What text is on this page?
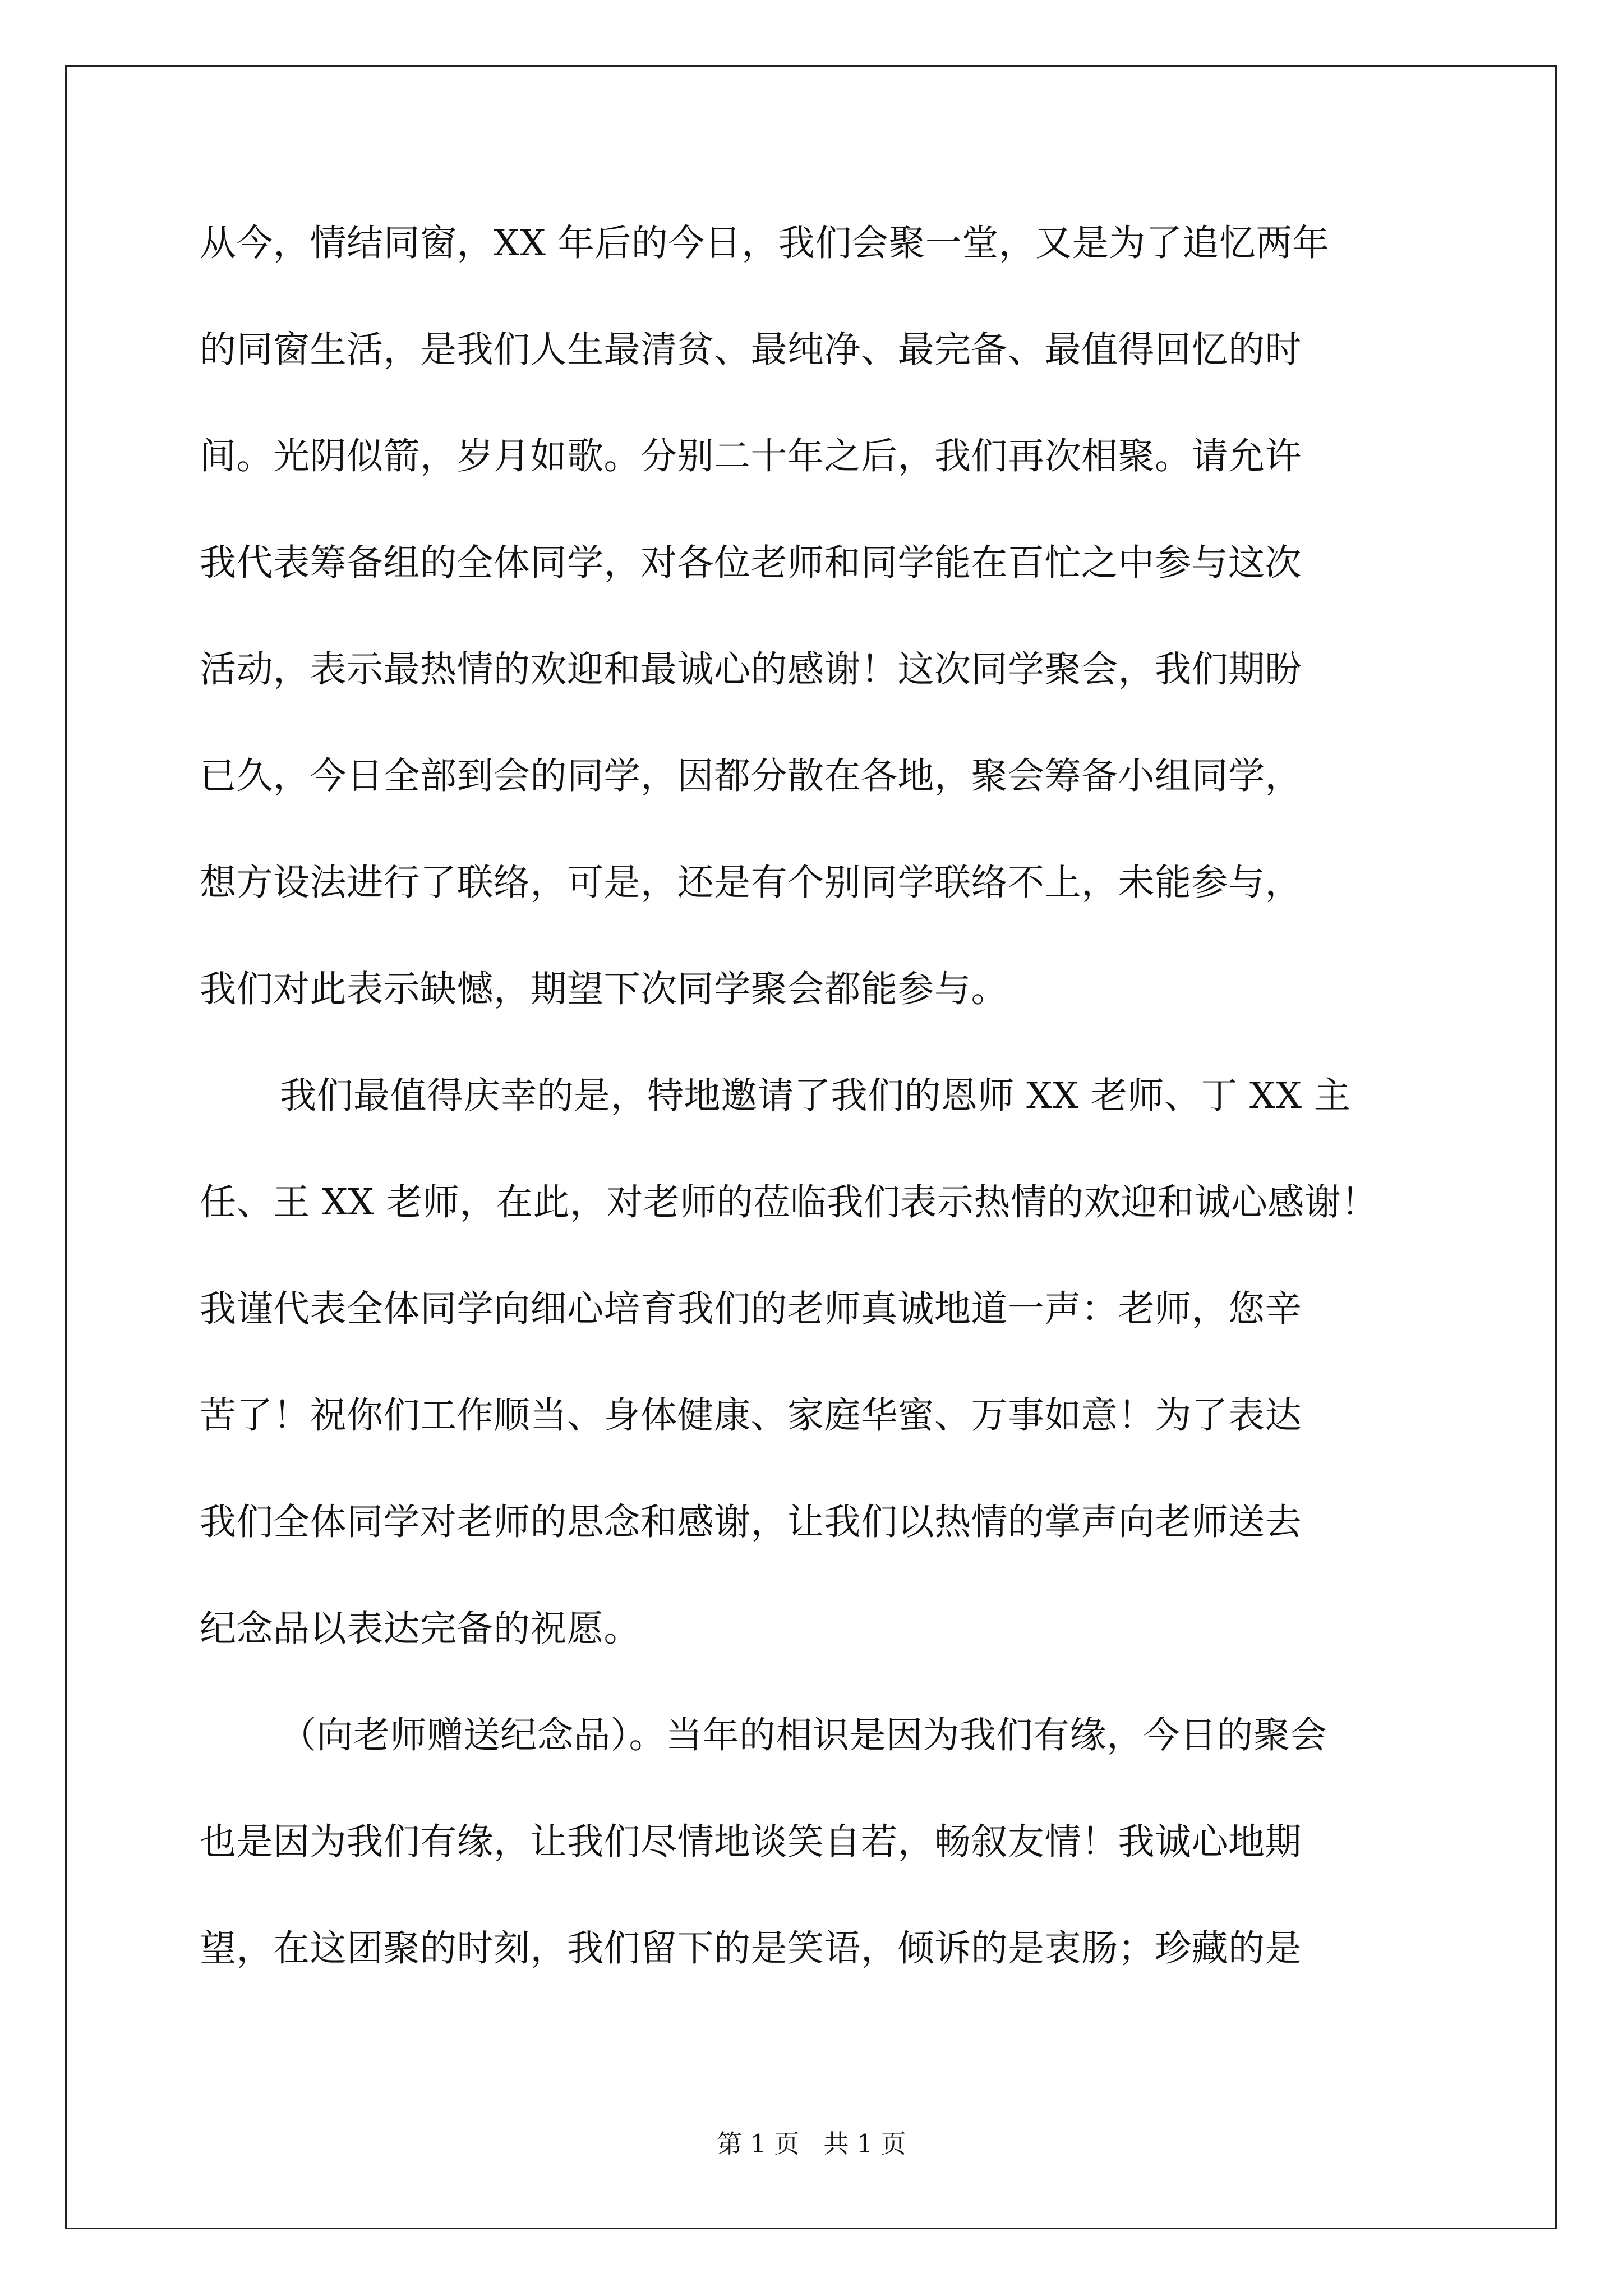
从今，情结同窗，XX 年后的今日，我们会聚一堂，又是为了追忆两年
的同窗生活，是我们人生最清贫、最纯净、最完备、最值得回忆的时
间。光阴似箭，岁月如歌。分别二十年之后，我们再次相聚。请允许
我代表筹备组的全体同学，对各位老师和同学能在百忙之中参与这次
活动，表示最热情的欢迎和最诚心的感谢！这次同学聚会，我们期盼
已久，今日全部到会的同学，因都分散在各地，聚会筹备小组同学，
想方设法进行了联络，可是，还是有个别同学联络不上，未能参与，
我们对此表示缺憾，期望下次同学聚会都能参与。
我们最值得庆幸的是，特地邀请了我们的恩师 XX 老师、丁 XX 主
任、王 XX 老师，在此，对老师的莅临我们表示热情的欢迎和诚心感谢！
我谨代表全体同学向细心培育我们的老师真诚地道一声：老师，您辛
苦了！祝你们工作顺当、身体健康、家庭华蜜、万事如意！为了表达
我们全体同学对老师的思念和感谢，让我们以热情的掌声向老师送去
纪念品以表达完备的祝愿。
（向老师赠送纪念品）。当年的相识是因为我们有缘，今日的聚会
也是因为我们有缘，让我们尽情地谈笑自若，畅叙友情！我诚心地期
望，在这团聚的时刻，我们留下的是笑语，倾诉的是衷肠；珍藏的是
第 1 页   共 1 页
